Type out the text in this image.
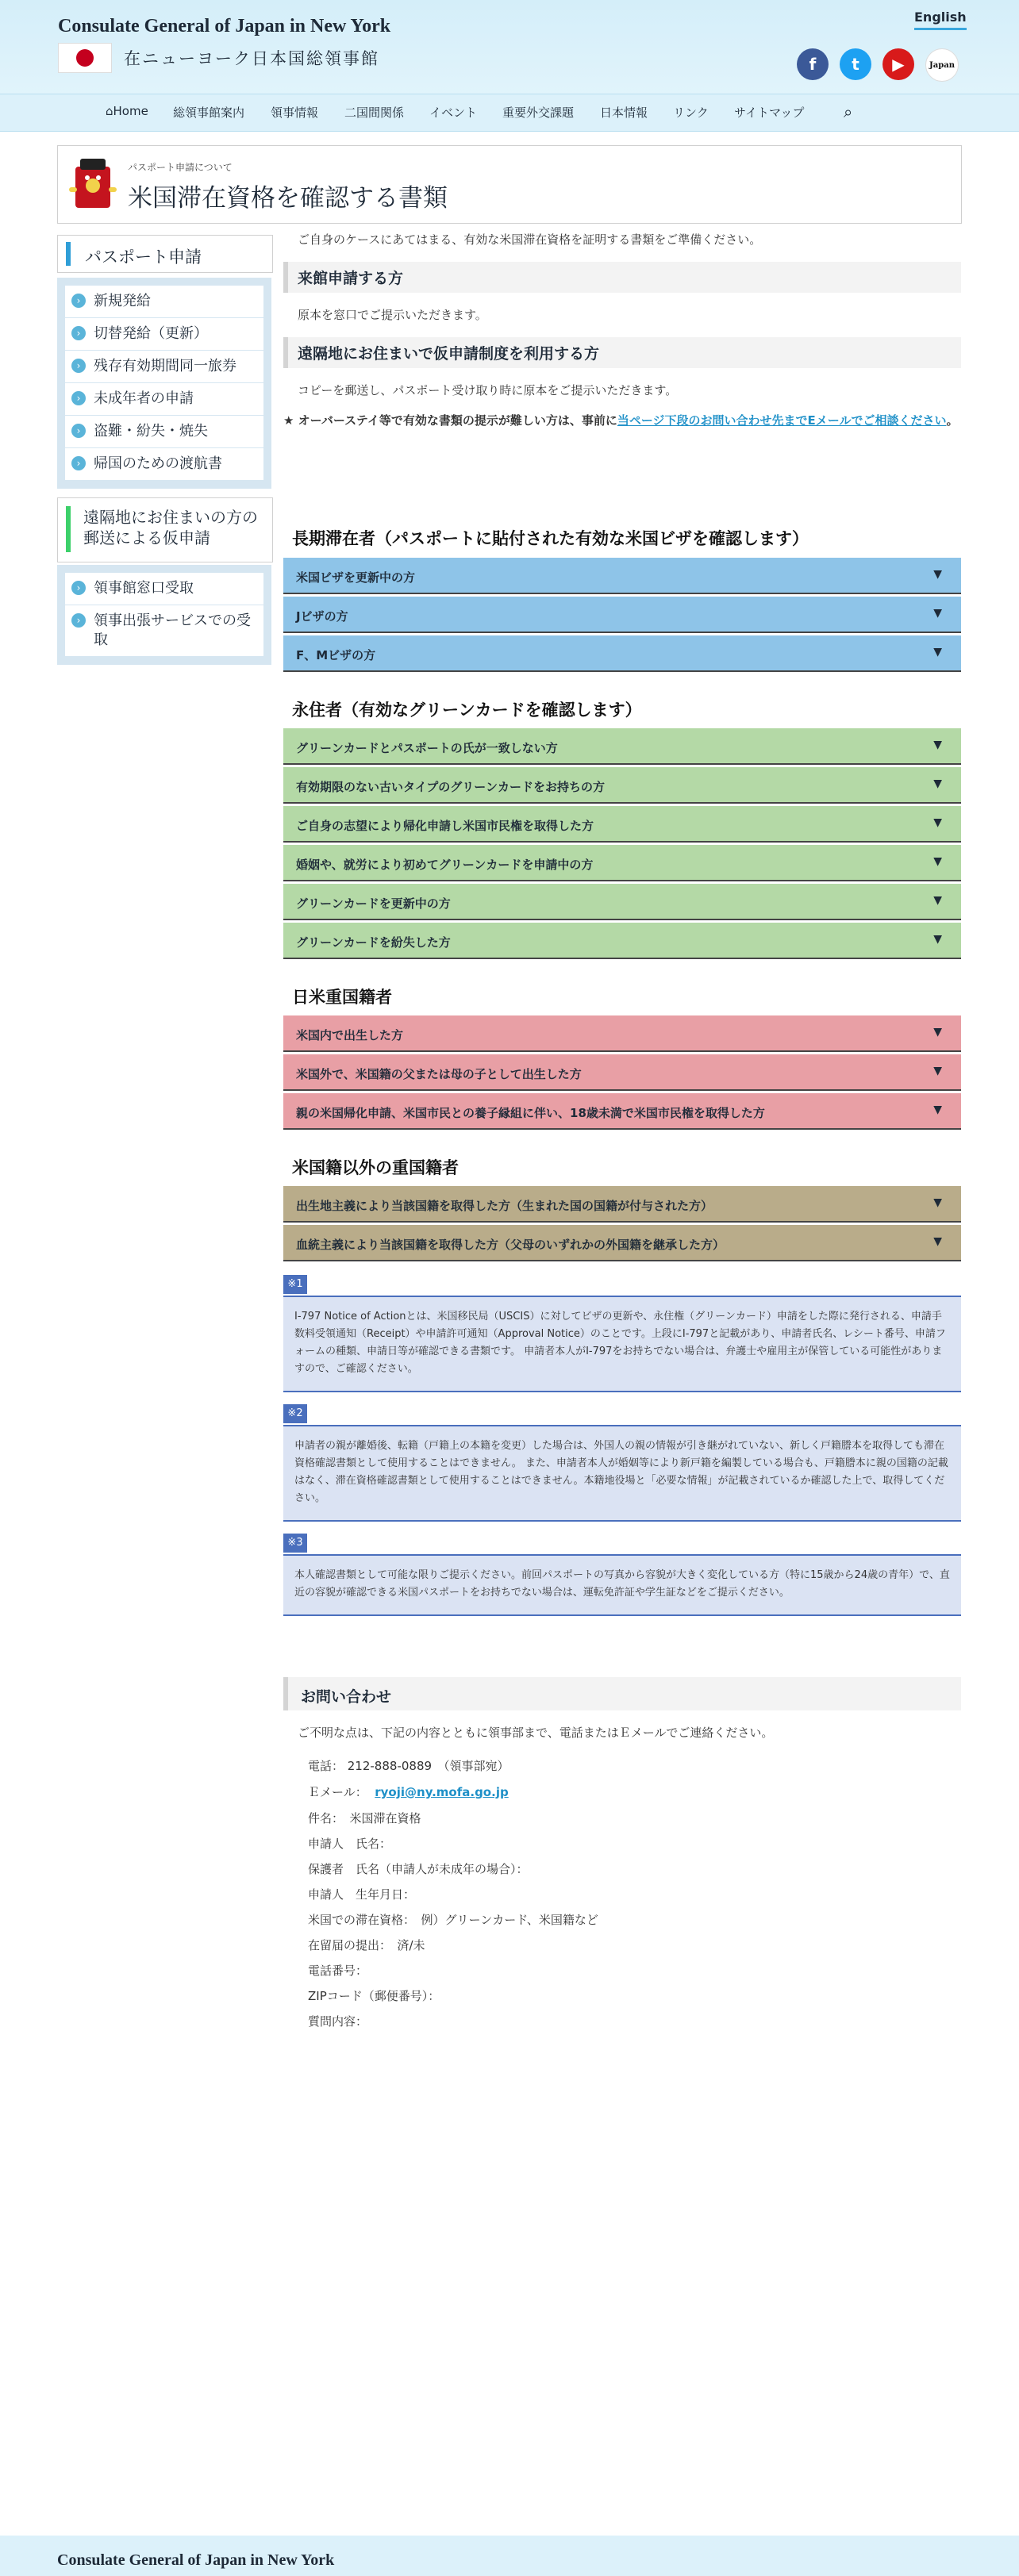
Consulate General of Japan in New York
在ニューヨーク日本国総領事館
English
f	t	▶	Japan
⌂Home 総領事館案内 領事情報 二国間関係 イベント 重要外交課題 日本情報 リンク サイトマップ ⌕
パスポート申請について
米国滞在資格を確認する書類
パスポート申請
› 新規発給
› 切替発給（更新）
› 残存有効期間同一旅券
› 未成年者の申請
› 盗難・紛失・焼失
› 帰国のための渡航書
遠隔地にお住まいの方の郵送による仮申請
› 領事館窓口受取
› 領事出張サービスでの受取
ご自身のケースにあてはまる、有効な米国滞在資格を証明する書類をご準備ください。
来館申請する方
原本を窓口でご提示いただきます。
遠隔地にお住まいで仮申請制度を利用する方
コピーを郵送し、パスポート受け取り時に原本をご提示いただきます。
★ オーバーステイ等で有効な書類の提示が難しい方は、事前に当ページ下段のお問い合わせ先までEメールでご相談ください。
長期滞在者（パスポートに貼付された有効な米国ビザを確認します）
米国ビザを更新中の方	▼
Jビザの方	▼
F、Mビザの方	▼
永住者（有効なグリーンカードを確認します）
グリーンカードとパスポートの氏が一致しない方	▼
有効期限のない古いタイプのグリーンカードをお持ちの方	▼
ご自身の志望により帰化申請し米国市民権を取得した方	▼
婚姻や、就労により初めてグリーンカードを申請中の方	▼
グリーンカードを更新中の方	▼
グリーンカードを紛失した方	▼
日米重国籍者
米国内で出生した方	▼
米国外で、米国籍の父または母の子として出生した方	▼
親の米国帰化申請、米国市民との養子縁組に伴い、18歳未満で米国市民権を取得した方	▼
米国籍以外の重国籍者
出生地主義により当該国籍を取得した方（生まれた国の国籍が付与された方）	▼
血統主義により当該国籍を取得した方（父母のいずれかの外国籍を継承した方）	▼
※1
I-797 Notice of Actionとは、米国移民局（USCIS）に対してビザの更新や、永住権（グリーンカード）申請をした際に発行される、申請手数料受領通知（Receipt）や申請許可通知（Approval Notice）のことです。上段にI-797と記載があり、申請者氏名、レシート番号、申請フォームの種類、申請日等が確認できる書類です。 申請者本人がI-797をお持ちでない場合は、弁護士や雇用主が保管している可能性がありますので、ご確認ください。
※2
申請者の親が離婚後、転籍（戸籍上の本籍を変更）した場合は、外国人の親の情報が引き継がれていない、新しく戸籍謄本を取得しても滞在資格確認書類として使用することはできません。 また、申請者本人が婚姻等により新戸籍を編製している場合も、戸籍謄本に親の国籍の記載はなく、滞在資格確認書類として使用することはできません。本籍地役場と「必要な情報」が記載されているか確認した上で、取得してください。
※3
本人確認書類として可能な限りご提示ください。前回パスポートの写真から容貌が大きく変化している方（特に15歳から24歳の青年）で、直近の容貌が確認できる米国パスポートをお持ちでない場合は、運転免許証や学生証などをご提示ください。
お問い合わせ
ご不明な点は、下記の内容とともに領事部まで、電話またはＥメールでご連絡ください。
電話： 212-888-0889　（領事部宛）
Ｅメール： ryoji@ny.mofa.go.jp
件名：　米国滞在資格
申請人　氏名：
保護者　氏名（申請人が未成年の場合）：
申請人　生年月日：
米国での滞在資格：　例）グリーンカード、米国籍など
在留届の提出：　済/未
電話番号：
ZIPコード（郵便番号）：
質問内容：
Consulate General of Japan in New York
